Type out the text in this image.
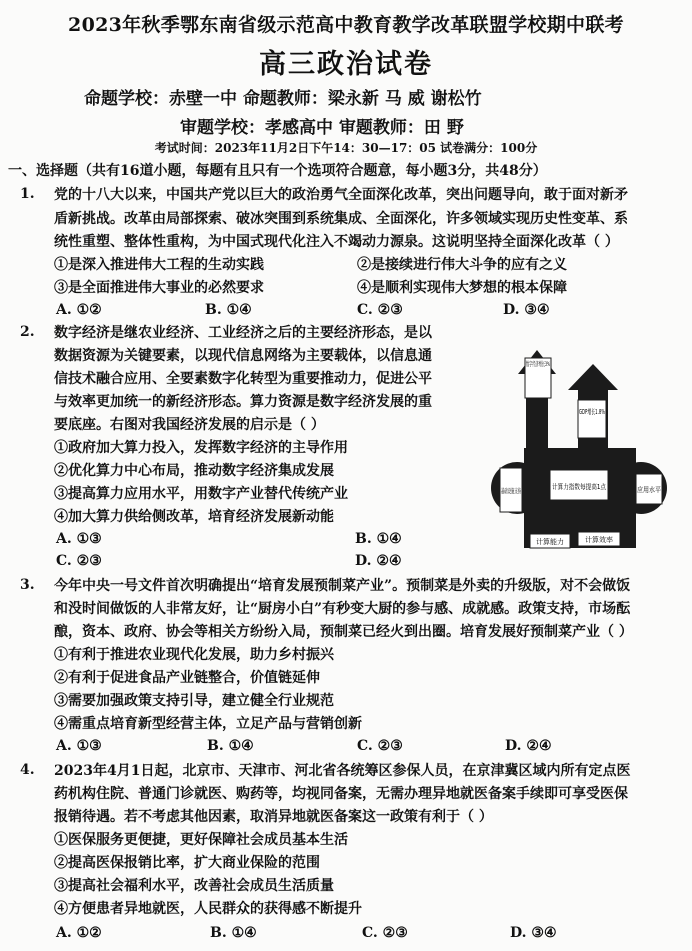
2023年秋季鄂东南省级示范高中教育教学改革联盟学校期中联考
高三政治试卷
命题学校：赤壁一中 命题教师：梁永新 马 威 谢松竹
审题学校：孝感高中 审题教师：田 野
考试时间：2023年11月2日下午14：30—17：05 试卷满分：100分
一、选择题（共有16道小题，每题有且只有一个选项符合题意，每小题3分，共48分）
1. 党的十八大以来，中国共产党以巨大的政治勇气全面深化改革，突出问题导向，敢于面对新矛
盾新挑战。改革由局部探索、破冰突围到系统集成、全面深化，许多领域实现历史性变革、系
统性重塑、整体性重构，为中国式现代化注入不竭动力源泉。这说明坚持全面深化改革（ ）
①是深入推进伟大工程的生动实践	②是接续进行伟大斗争的应有之义
③是全面推进伟大事业的必然要求	④是顺利实现伟大梦想的根本保障
A. ①②	B. ①④	C. ②③	D. ③④
2. 数字经济是继农业经济、工业经济之后的主要经济形态，是以
数据资源为关键要素，以现代信息网络为主要载体，以信息通
信技术融合应用、全要素数字化转型为重要推动力，促进公平
与效率更加统一的新经济形态。算力资源是数字经济发展的重
要底座。右图对我国经济发展的启示是（ ）
①政府加大算力投入，发挥数字经济的主导作用
②优化算力中心布局，推动数字经济集成发展
③提高算力应用水平，用数字产业替代传统产业
④加大算力供给侧改革，培育经济发展新动能
A. ①③	B. ①④
C. ②③	D. ②④
GDP增长1.8%
计算力指数每提高1点
基础设施支持	应用水平
计算能力	计算效率
3. 今年中央一号文件首次明确提出“培育发展预制菜产业”。预制菜是外卖的升级版，对不会做饭
和没时间做饭的人非常友好，让“厨房小白”有秒变大厨的参与感、成就感。政策支持，市场酝
酿，资本、政府、协会等相关方纷纷入局，预制菜已经火到出圈。培育发展好预制菜产业（ ）
①有利于推进农业现代化发展，助力乡村振兴
②有利于促进食品产业链整合，价值链延伸
③需要加强政策支持引导，建立健全行业规范
④需重点培育新型经营主体，立足产品与营销创新
A. ①③	B. ①④	C. ②③	D. ②④
4. 2023年4月1日起，北京市、天津市、河北省各统筹区参保人员，在京津冀区域内所有定点医
药机构住院、普通门诊就医、购药等，均视同备案，无需办理异地就医备案手续即可享受医保
报销待遇。若不考虑其他因素，取消异地就医备案这一政策有利于（ ）
①医保服务更便捷，更好保障社会成员基本生活
②提高医保报销比率，扩大商业保险的范围
③提高社会福利水平，改善社会成员生活质量
④方便患者异地就医，人民群众的获得感不断提升
A. ①②	B. ①④	C. ②③	D. ③④
